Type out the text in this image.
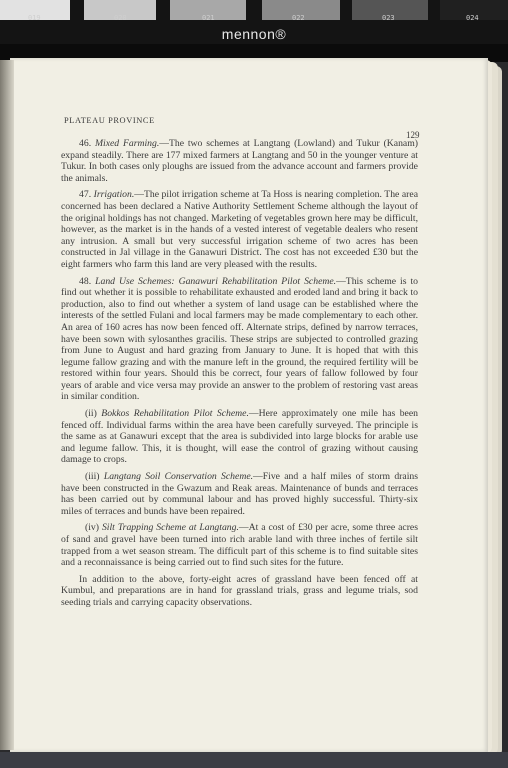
019	020	021	022	023	024
mennon®
PLATEAU PROVINCE
129

46. Mixed Farming.—The two schemes at Langtang (Lowland) and Tukur (Kanam) expand steadily. There are 177 mixed farmers at Langtang and 50 in the younger venture at Tukur. In both cases only ploughs are issued from the advance account and farmers provide the animals.

47. Irrigation.—The pilot irrigation scheme at Ta Hoss is nearing completion. The area concerned has been declared a Native Authority Settlement Scheme although the layout of the original holdings has not changed. Marketing of vegetables grown here may be difficult, however, as the market is in the hands of a vested interest of vegetable dealers who resent any intrusion. A small but very successful irrigation scheme of two acres has been constructed in Jal village in the Ganawuri District. The cost has not exceeded £30 but the eight farmers who farm this land are very pleased with the results.

48. Land Use Schemes: Ganawuri Rehabilitation Pilot Scheme.—This scheme is to find out whether it is possible to rehabilitate exhausted and eroded land and bring it back to production, also to find out whether a system of land usage can be established where the interests of the settled Fulani and local farmers may be made complementary to each other. An area of 160 acres has now been fenced off. Alternate strips, defined by narrow terraces, have been sown with sylosanthes gracilis. These strips are subjected to controlled grazing from June to August and hard grazing from January to June. It is hoped that with this legume fallow grazing and with the manure left in the ground, the required fertility will be restored within four years. Should this be correct, four years of fallow followed by four years of arable and vice versa may provide an answer to the problem of restoring vast areas in similar condition.

(ii) Bokkos Rehabilitation Pilot Scheme.—Here approximately one mile has been fenced off. Individual farms within the area have been carefully surveyed. The principle is the same as at Ganawuri except that the area is subdivided into large blocks for arable use and legume fallow. This, it is thought, will ease the control of grazing without causing damage to crops.

(iii) Langtang Soil Conservation Scheme.—Five and a half miles of storm drains have been constructed in the Gwazum and Reak areas. Maintenance of bunds and terraces has been carried out by communal labour and has proved highly successful. Thirty-six miles of terraces and bunds have been repaired.

(iv) Silt Trapping Scheme at Langtang.—At a cost of £30 per acre, some three acres of sand and gravel have been turned into rich arable land with three inches of fertile silt trapped from a wet season stream. The difficult part of this scheme is to find suitable sites and a reconnaissance is being carried out to find such sites for the future.

In addition to the above, forty-eight acres of grassland have been fenced off at Kumbul, and preparations are in hand for grassland trials, grass and legume trials, sod seeding trials and carrying capacity observations.
